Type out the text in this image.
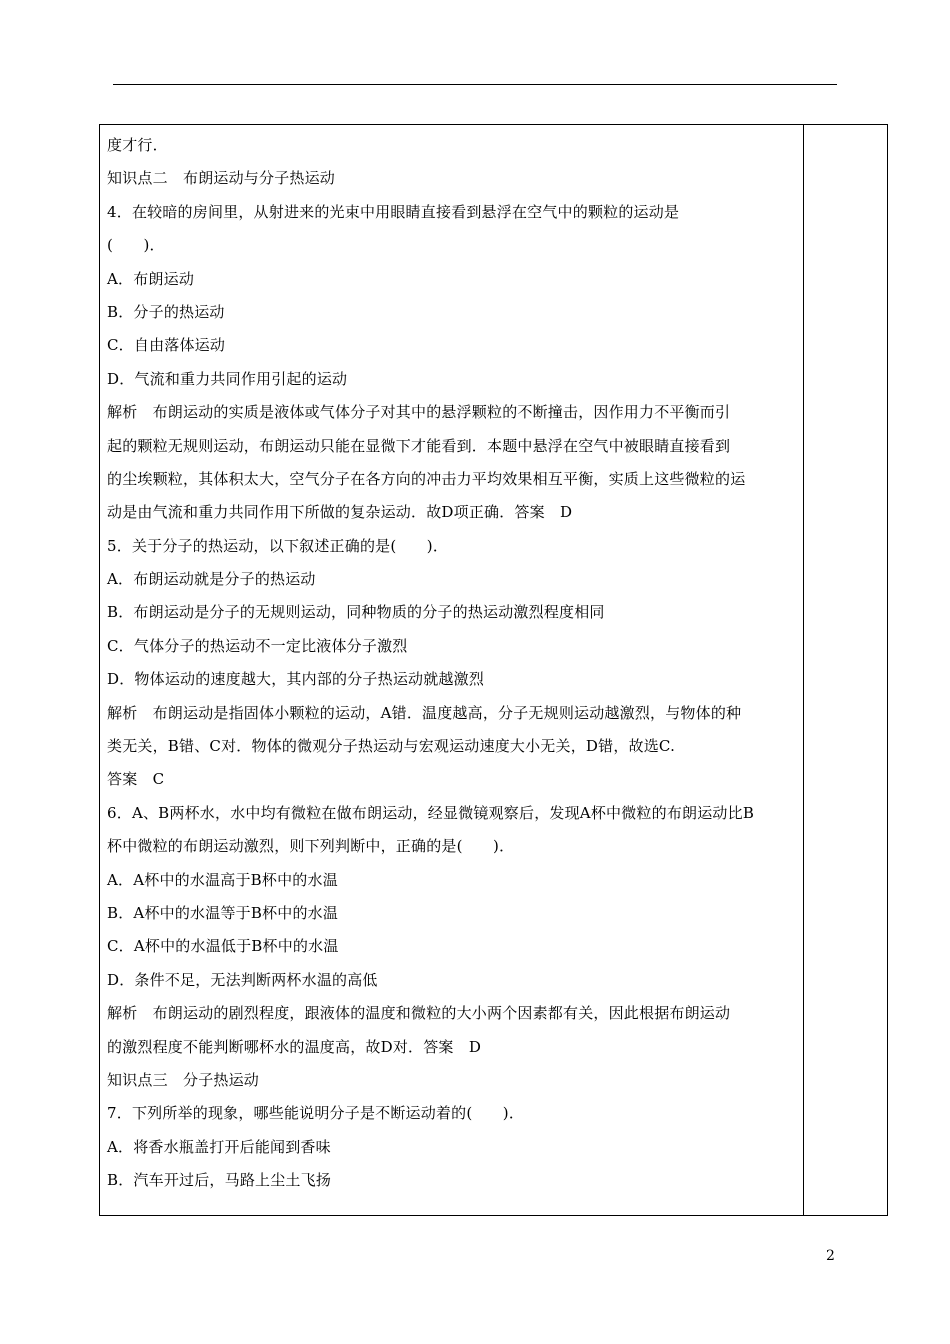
度才行．
知识点二　布朗运动与分子热运动
4．在较暗的房间里，从射进来的光束中用眼睛直接看到悬浮在空气中的颗粒的运动是
(　　)．
A．布朗运动
B．分子的热运动
C．自由落体运动
D．气流和重力共同作用引起的运动
解析　布朗运动的实质是液体或气体分子对其中的悬浮颗粒的不断撞击，因作用力不平衡而引
起的颗粒无规则运动，布朗运动只能在显微下才能看到．本题中悬浮在空气中被眼睛直接看到
的尘埃颗粒，其体积太大，空气分子在各方向的冲击力平均效果相互平衡，实质上这些微粒的运
动是由气流和重力共同作用下所做的复杂运动．故D项正确．答案　D
5．关于分子的热运动，以下叙述正确的是(　　)．
A．布朗运动就是分子的热运动
B．布朗运动是分子的无规则运动，同种物质的分子的热运动激烈程度相同
C．气体分子的热运动不一定比液体分子激烈
D．物体运动的速度越大，其内部的分子热运动就越激烈
解析　布朗运动是指固体小颗粒的运动，A错．温度越高，分子无规则运动越激烈，与物体的种
类无关，B错、C对．物体的微观分子热运动与宏观运动速度大小无关，D错，故选C.
答案　C
6．A、B两杯水，水中均有微粒在做布朗运动，经显微镜观察后，发现A杯中微粒的布朗运动比B
杯中微粒的布朗运动激烈，则下列判断中，正确的是(　　)．
A．A杯中的水温高于B杯中的水温
B．A杯中的水温等于B杯中的水温
C．A杯中的水温低于B杯中的水温
D．条件不足，无法判断两杯水温的高低
解析　布朗运动的剧烈程度，跟液体的温度和微粒的大小两个因素都有关，因此根据布朗运动
的激烈程度不能判断哪杯水的温度高，故D对．答案　D
知识点三　分子热运动
7．下列所举的现象，哪些能说明分子是不断运动着的(　　)．
A．将香水瓶盖打开后能闻到香味
B．汽车开过后，马路上尘土飞扬
2
